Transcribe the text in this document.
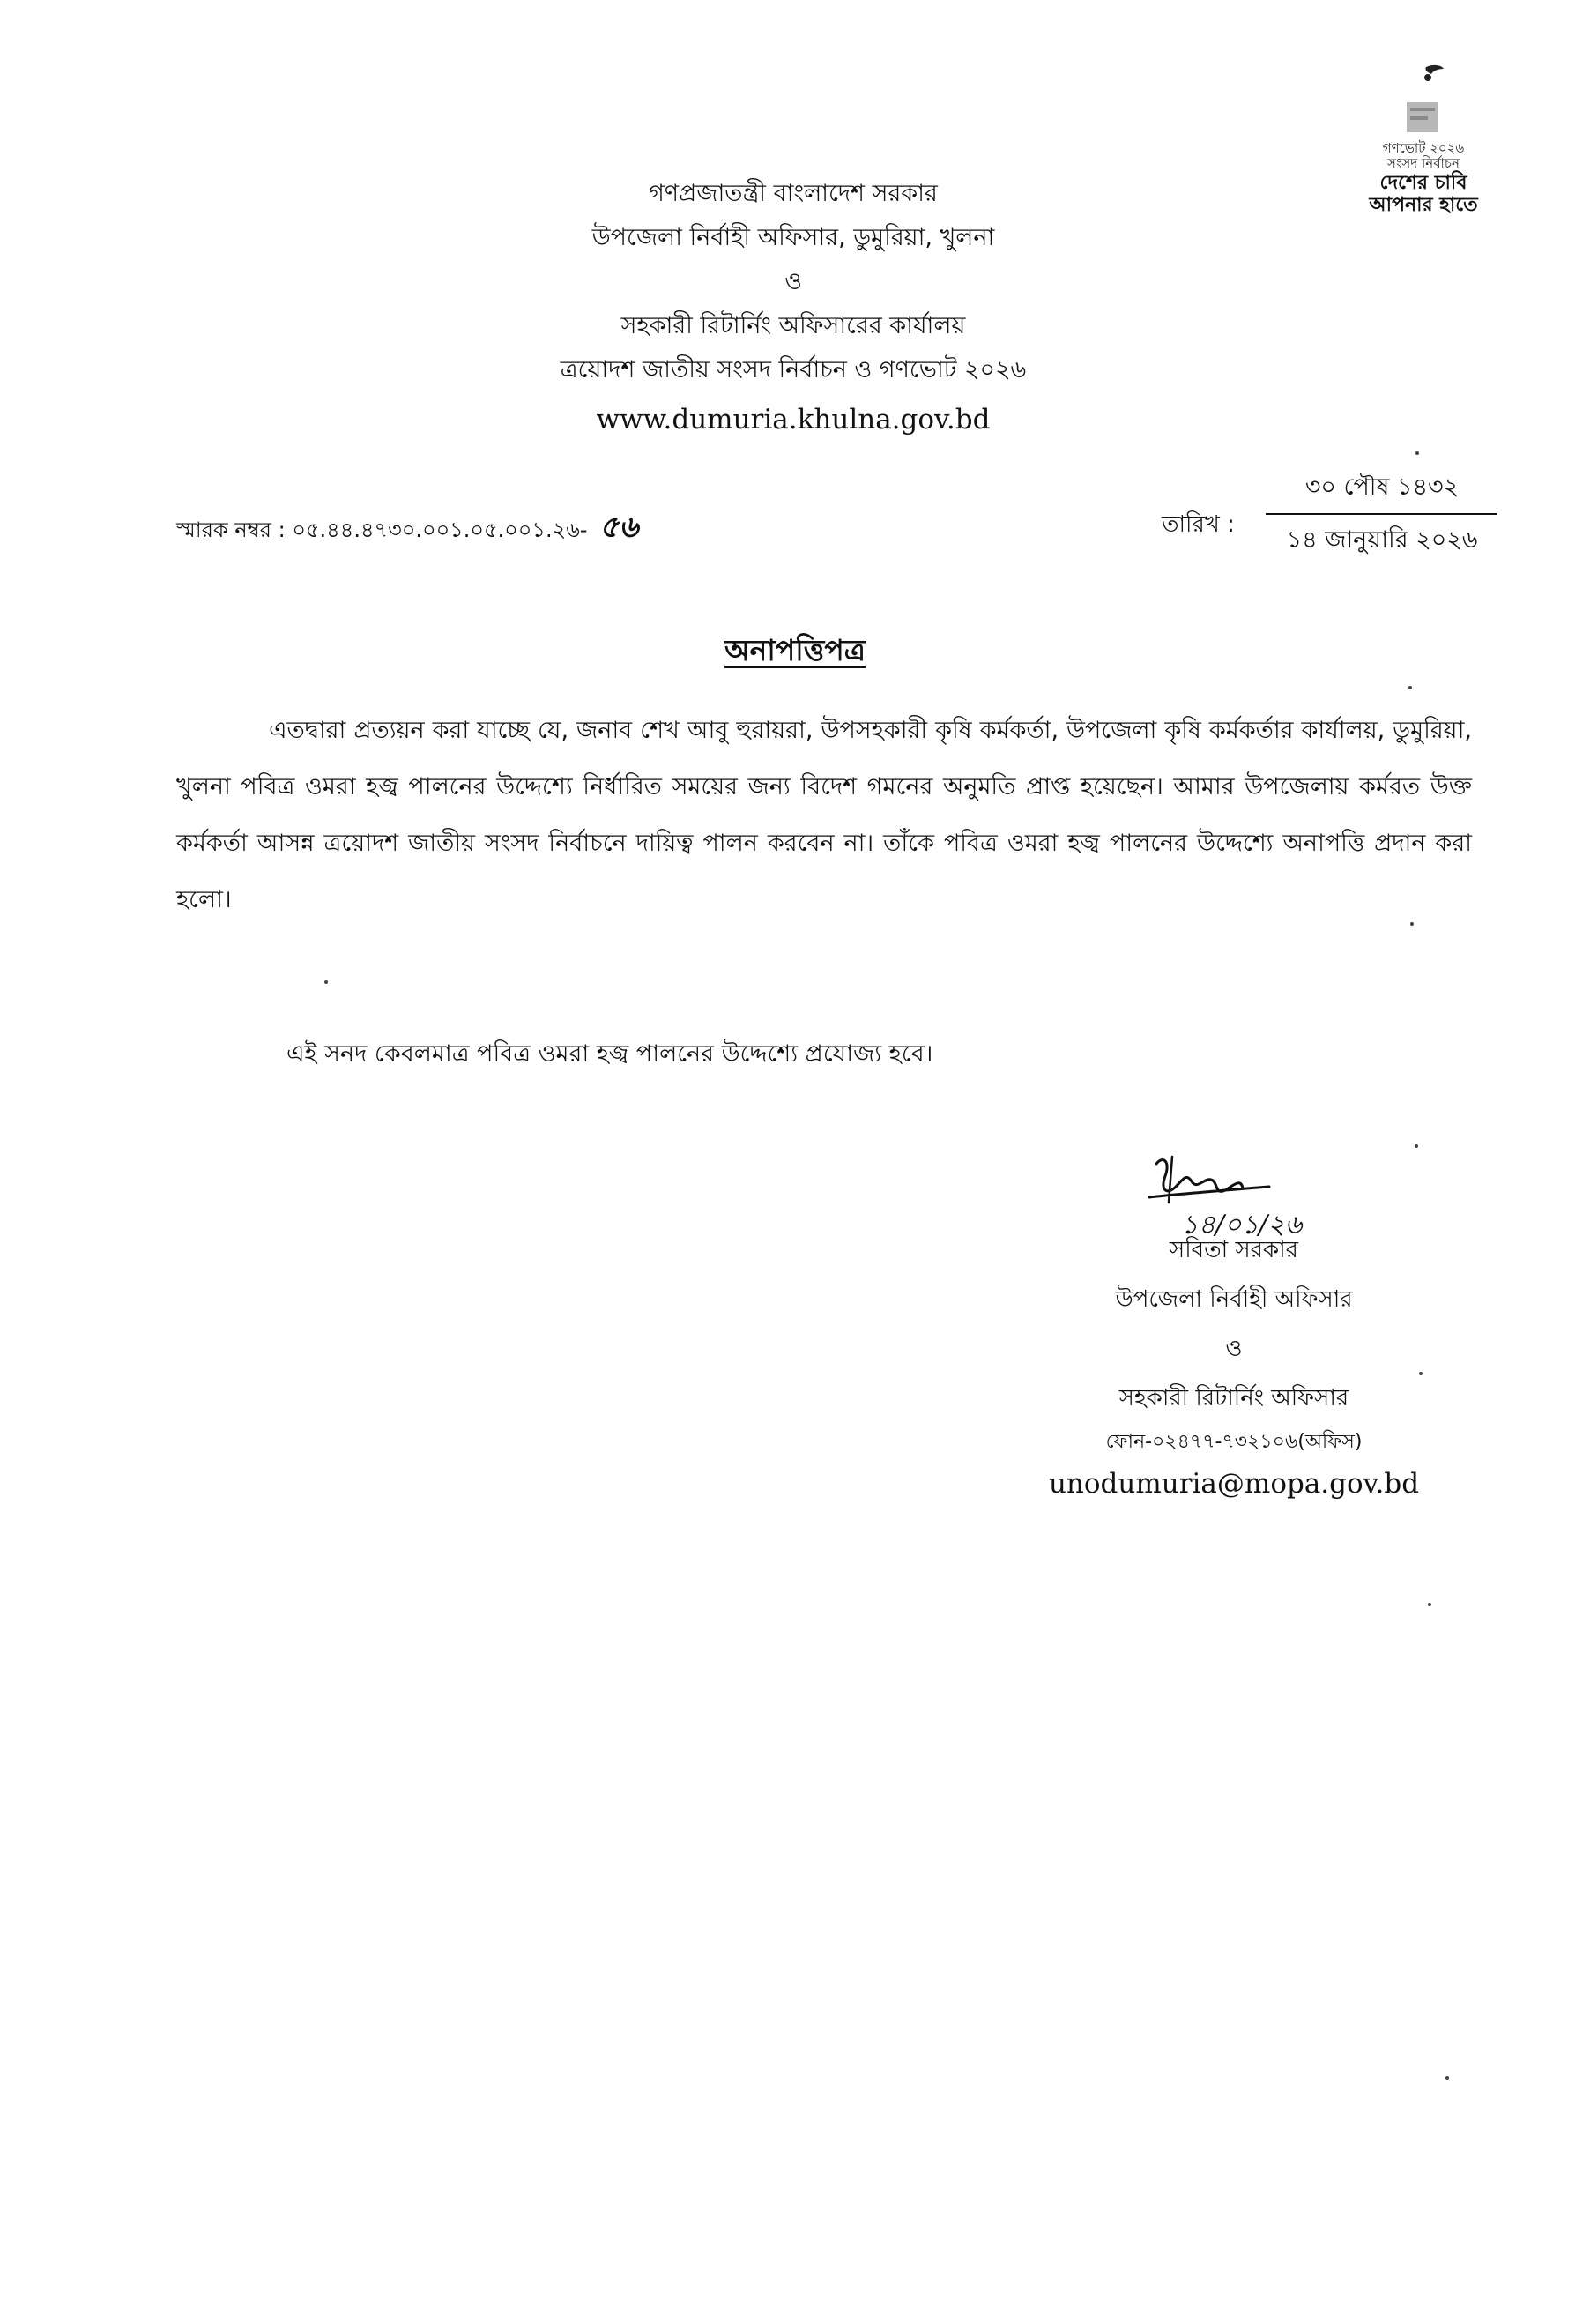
গণভোট ২০২৬
সংসদ নির্বাচন
দেশের চাবি
আপনার হাতে
গণপ্রজাতন্ত্রী বাংলাদেশ সরকার
উপজেলা নির্বাহী অফিসার, ডুমুরিয়া, খুলনা
ও
সহকারী রিটার্নিং অফিসারের কার্যালয়
ত্রয়োদশ জাতীয় সংসদ নির্বাচন ও গণভোট ২০২৬
www.dumuria.khulna.gov.bd
স্মারক নম্বর : ০৫.৪৪.৪৭৩০.০০১.০৫.০০১.২৬- ৫৬	তারিখ :
৩০ পৌষ ১৪৩২
১৪ জানুয়ারি ২০২৬
অনাপত্তিপত্র
এতদ্বারা প্রত্যয়ন করা যাচ্ছে যে, জনাব শেখ আবু হুরায়রা, উপসহকারী কৃষি কর্মকর্তা, উপজেলা কৃষি কর্মকর্তার কার্যালয়, ডুমুরিয়া, খুলনা পবিত্র ওমরা হজ্ব পালনের উদ্দেশ্যে নির্ধারিত সময়ের জন্য বিদেশ গমনের অনুমতি প্রাপ্ত হয়েছেন। আমার উপজেলায় কর্মরত উক্ত কর্মকর্তা আসন্ন ত্রয়োদশ জাতীয় সংসদ নির্বাচনে দায়িত্ব পালন করবেন না। তাঁকে পবিত্র ওমরা হজ্ব পালনের উদ্দেশ্যে অনাপত্তি প্রদান করা হলো।
এই সনদ কেবলমাত্র পবিত্র ওমরা হজ্ব পালনের উদ্দেশ্যে প্রযোজ্য হবে।
১৪/০১/২৬
সবিতা সরকার
উপজেলা নির্বাহী অফিসার
ও
সহকারী রিটার্নিং অফিসার
ফোন-০২৪৭৭-৭৩২১০৬(অফিস)
unodumuria@mopa.gov.bd
